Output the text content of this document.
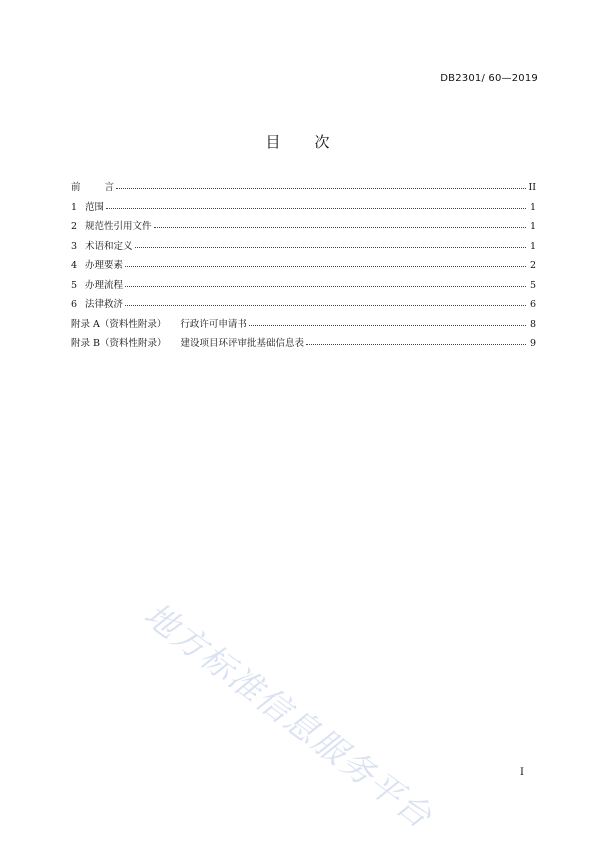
DB2301/ 60—2019
目 次
前	言	II
1 范围	1
2 规范性引用文件	1
3 术语和定义	1
4 办理要素	2
5 办理流程	5
6 法律救济	6
附录 A（资料性附录） 行政许可申请书	8
附录 B（资料性附录） 建设项目环评审批基础信息表	9
地方标准信息服务平台	I
